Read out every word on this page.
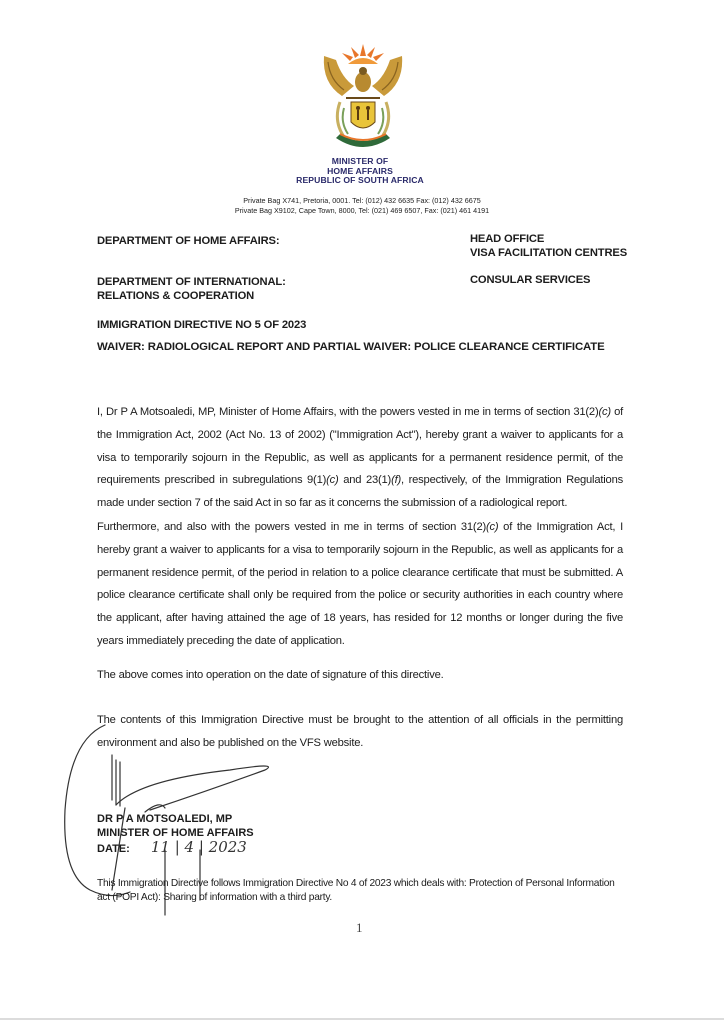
MINISTER OF
HOME AFFAIRS
REPUBLIC OF SOUTH AFRICA
Private Bag X741, Pretoria, 0001. Tel: (012) 432 6635 Fax: (012) 432 6675
Private Bag X9102, Cape Town, 8000, Tel: (021) 469 6507, Fax: (021) 461 4191
DEPARTMENT OF HOME AFFAIRS:	HEAD OFFICE
VISA FACILITATION CENTRES
DEPARTMENT OF INTERNATIONAL:
RELATIONS & COOPERATION
CONSULAR SERVICES
IMMIGRATION DIRECTIVE NO 5 OF 2023
WAIVER: RADIOLOGICAL REPORT AND PARTIAL WAIVER: POLICE CLEARANCE CERTIFICATE

I, Dr P A Motsoaledi, MP, Minister of Home Affairs, with the powers vested in me in terms of section 31(2)(c) of the Immigration Act, 2002 (Act No. 13 of 2002) ("Immigration Act"), hereby grant a waiver to applicants for a visa to temporarily sojourn in the Republic, as well as applicants for a permanent residence permit, of the requirements prescribed in subregulations 9(1)(c) and 23(1)(f), respectively, of the Immigration Regulations made under section 7 of the said Act in so far as it concerns the submission of a radiological report.

Furthermore, and also with the powers vested in me in terms of section 31(2)(c) of the Immigration Act, I hereby grant a waiver to applicants for a visa to temporarily sojourn in the Republic, as well as applicants for a permanent residence permit, of the period in relation to a police clearance certificate that must be submitted. A police clearance certificate shall only be required from the police or security authorities in each country where the applicant, after having attained the age of 18 years, has resided for 12 months or longer during the five years immediately preceding the date of application.

The above comes into operation on the date of signature of this directive.

The contents of this Immigration Directive must be brought to the attention of all officials in the permitting environment and also be published on the VFS website.

DR P A MOTSOALEDI, MP
MINISTER OF HOME AFFAIRS
DATE: 11 | 4 | 2023
This Immigration Directive follows Immigration Directive No 4 of 2023 which deals with: Protection of Personal Information act (POPI Act): Sharing of information with a third party.
1
